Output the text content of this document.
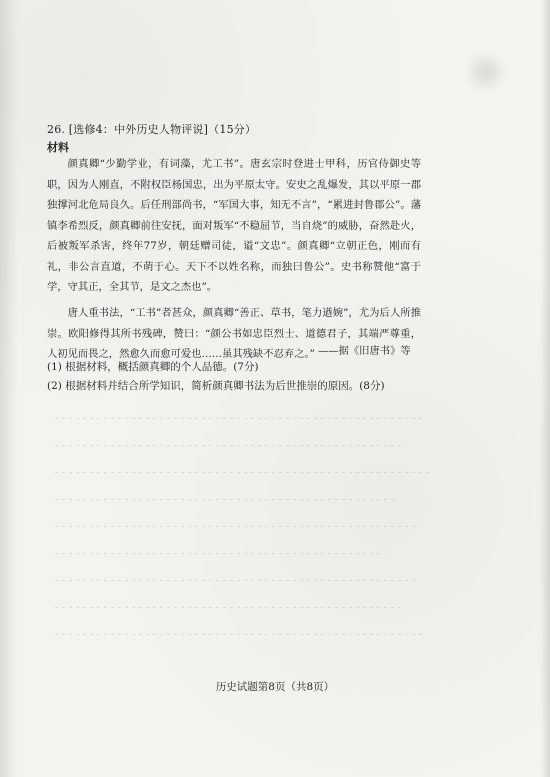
26. [选修4：中外历史人物评说]（15分）
材料
颜真卿“少勤学业，有词藻，尤工书”。唐玄宗时登进士甲科，历官侍御史等职，因为人刚直，不附权臣杨国忠，出为平原太守。安史之乱爆发，其以平原一郡独撑河北危局良久。后任刑部尚书，“军国大事，知无不言”，“累进封鲁郡公”。藩镇李希烈反，颜真卿前往安抚，面对叛军“不稳屈节，当自烧”的威胁，奋然赴火，后被叛军杀害，终年77岁，朝廷赠司徒，谥“文忠”。颜真卿“立朝正色，刚而有礼，非公言直道，不萌于心。天下不以姓名称，而独曰鲁公”。史书称赞他“富于学，守其正，全其节，是文之杰也”。
唐人重书法，“工书”者甚众，颜真卿“善正、草书，笔力遒婉”，尤为后人所推崇。欧阳修得其所书残碑，赞曰：“颜公书如忠臣烈士、道德君子，其端严尊重，人初见而畏之，然愈久而愈可爱也……虽其残缺不忍弃之。” ——据《旧唐书》等
(1) 根据材料，概括颜真卿的个人品德。(7分)
(2) 根据材料并结合所学知识，简析颜真卿书法为后世推崇的原因。(8分)
历史试题第8页（共8页）
